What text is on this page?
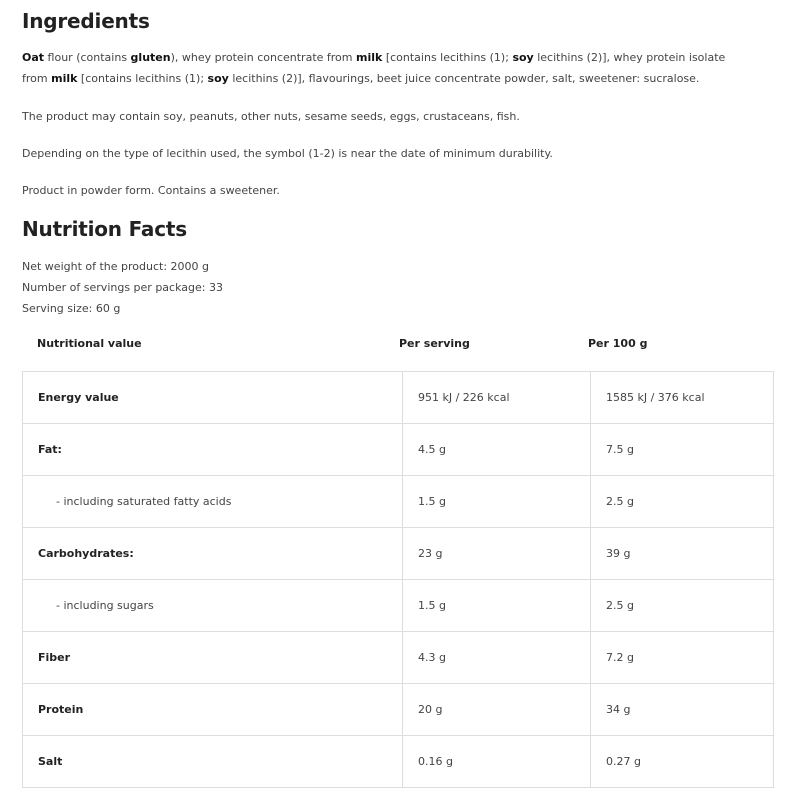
Ingredients

Oat flour (contains gluten), whey protein concentrate from milk [contains lecithins (1); soy lecithins (2)], whey protein isolate

from milk [contains lecithins (1); soy lecithins (2)], flavourings, beet juice concentrate powder, salt, sweetener: sucralose.

The product may contain soy, peanuts, other nuts, sesame seeds, eggs, crustaceans, fish.

Depending on the type of lecithin used, the symbol (1-2) is near the date of minimum durability.

Product in powder form. Contains a sweetener.

Nutrition Facts
Net weight of the product: 2000 g
Number of servings per package: 33
Serving size: 60 g
Nutritional value	Per serving	Per 100 g
Energy value	951 kJ / 226 kcal	1585 kJ / 376 kcal
Fat:	4.5 g	7.5 g
- including saturated fatty acids	1.5 g	2.5 g
Carbohydrates:	23 g	39 g
- including sugars	1.5 g	2.5 g
Fiber	4.3 g	7.2 g
Protein	20 g	34 g
Salt	0.16 g	0.27 g
